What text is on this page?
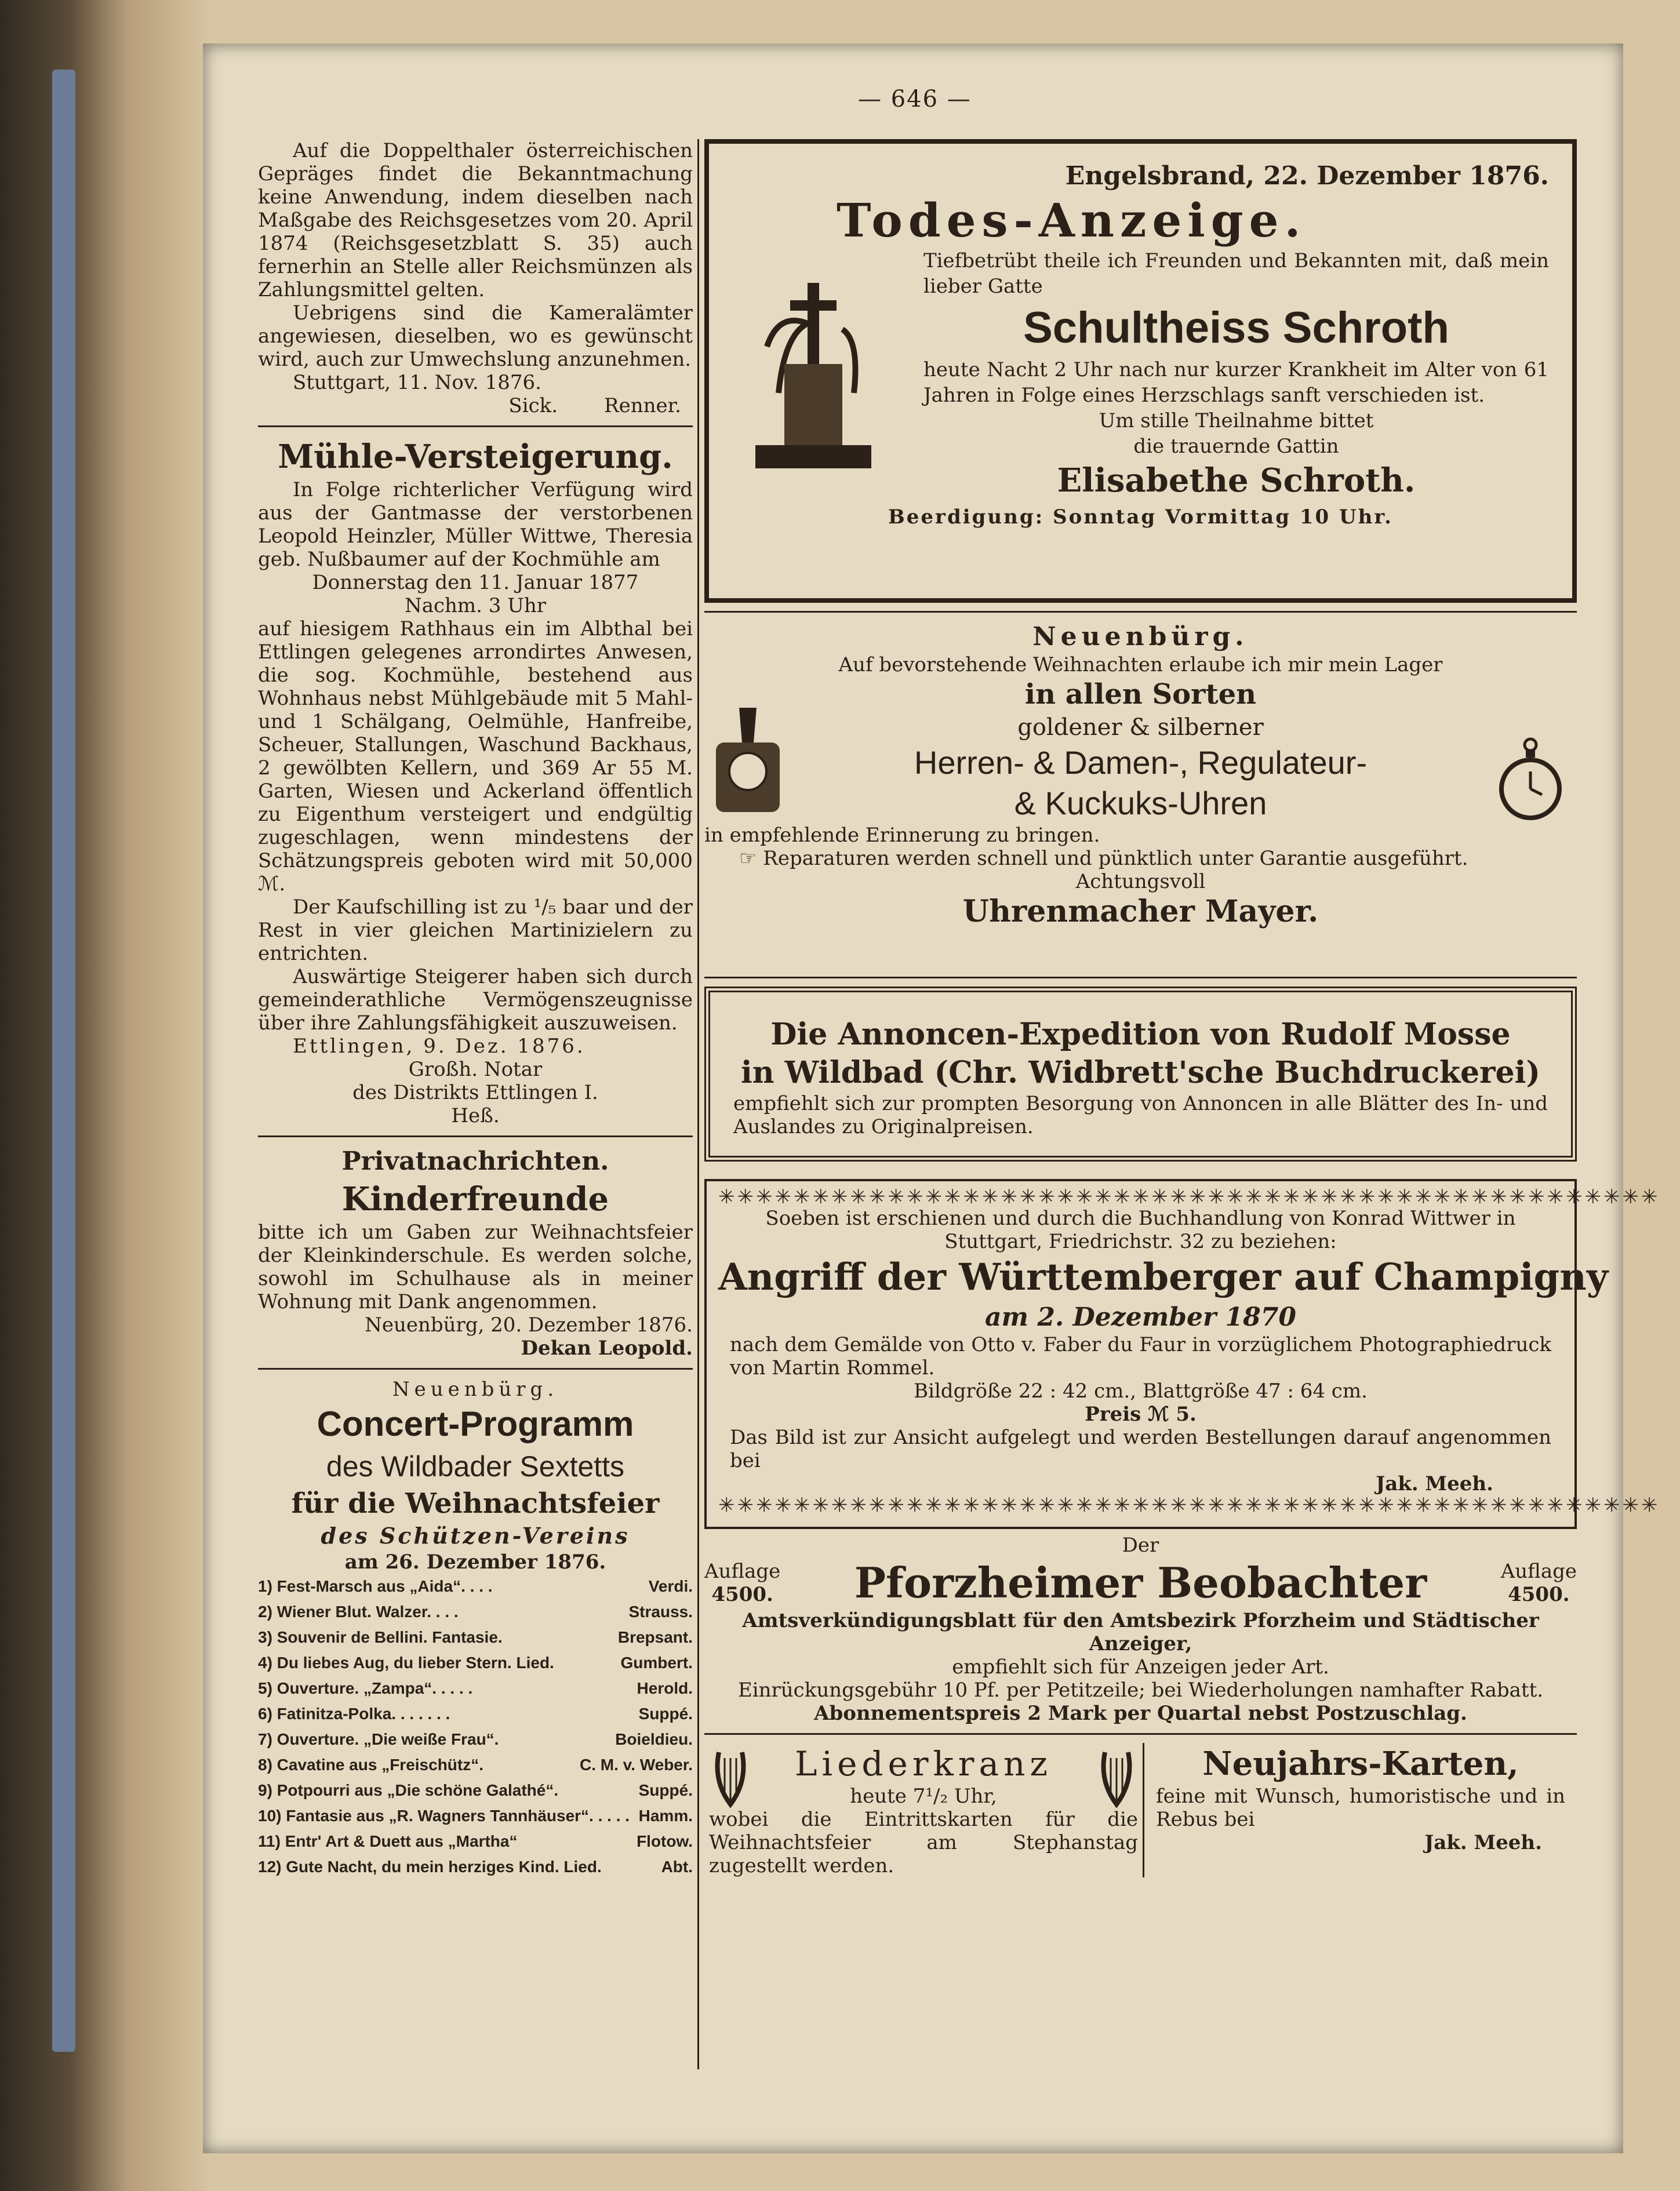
— 646 —

Auf die Doppelthaler österreichischen Gepräges findet die Bekanntmachung keine Anwendung, indem dieselben nach Maßgabe des Reichsgesetzes vom 20. April 1874 (Reichsgesetzblatt S. 35) auch fernerhin an Stelle aller Reichsmünzen als Zahlungsmittel gelten.

Uebrigens sind die Kameralämter angewiesen, dieselben, wo es gewünscht wird, auch zur Umwechslung anzunehmen.

Stuttgart, 11. Nov. 1876.

Sick. Renner.
Mühle-Versteigerung.

In Folge richterlicher Verfügung wird aus der Gantmasse der verstorbenen Leopold Heinzler, Müller Wittwe, Theresia geb. Nußbaumer auf der Kochmühle am

Donnerstag den 11. Januar 1877

Nachm. 3 Uhr

auf hiesigem Rathhaus ein im Albthal bei Ettlingen gelegenes arrondirtes Anwesen, die sog. Kochmühle, bestehend aus Wohnhaus nebst Mühlgebäude mit 5 Mahl- und 1 Schälgang, Oelmühle, Hanfreibe, Scheuer, Stallungen, Waschund Backhaus, 2 gewölbten Kellern, und 369 Ar 55 M. Garten, Wiesen und Ackerland öffentlich zu Eigenthum versteigert und endgültig zugeschlagen, wenn mindestens der Schätzungspreis geboten wird mit 50,000 ℳ.

Der Kaufschilling ist zu ¹/₅ baar und der Rest in vier gleichen Martinizielern zu entrichten.

Auswärtige Steigerer haben sich durch gemeinderathliche Vermögenszeugnisse über ihre Zahlungsfähigkeit auszuweisen.

Ettlingen, 9. Dez. 1876.

Großh. Notar

des Distrikts Ettlingen I.

Heß.

Privatnachrichten.
Kinderfreunde

bitte ich um Gaben zur Weihnachtsfeier der Kleinkinderschule. Es werden solche, sowohl im Schulhause als in meiner Wohnung mit Dank angenommen.

Neuenbürg, 20. Dezember 1876.

Dekan Leopold.

Neuenbürg.
Concert-Programm
des Wildbader Sextetts
für die Weihnachtsfeier
des Schützen-Vereins
am 26. Dezember 1876.
1) Fest-Marsch aus „Aida“. . . .	Verdi.
2) Wiener Blut. Walzer. . . .	Strauss.
3) Souvenir de Bellini. Fantasie.	Brepsant.
4) Du liebes Aug, du lieber Stern. Lied.	Gumbert.
5) Ouverture. „Zampa“. . . . .	Herold.
6) Fatinitza-Polka. . . . . . .	Suppé.
7) Ouverture. „Die weiße Frau“.	Boieldieu.
8) Cavatine aus „Freischütz“.	C. M. v. Weber.
9) Potpourri aus „Die schöne Galathé“.	Suppé.
10) Fantasie aus „R. Wagners Tannhäuser“. . . . . Hamm.
11) Entr' Art & Duett aus „Martha“	Flotow.
12) Gute Nacht, du mein herziges Kind. Lied.	Abt.
Engelsbrand, 22. Dezember 1876.
Todes-Anzeige.

Tiefbetrübt theile ich Freunden und Bekannten mit, daß mein lieber Gatte

Schultheiss Schroth

heute Nacht 2 Uhr nach nur kurzer Krankheit im Alter von 61 Jahren in Folge eines Herzschlags sanft verschieden ist.

Um stille Theilnahme bittet

die trauernde Gattin

Elisabethe Schroth.
Beerdigung: Sonntag Vormittag 10 Uhr.
Neuenbürg.
Auf bevorstehende Weihnachten erlaube ich mir mein Lager
in allen Sorten
goldener & silberner
Herren- & Damen-, Regulateur-
& Kuckuks-Uhren
in empfehlende Erinnerung zu bringen.
☞ Reparaturen werden schnell und pünktlich unter Garantie ausgeführt.
Achtungsvoll
Uhrenmacher Mayer.
Die Annoncen-Expedition von Rudolf Mosse
in Wildbad (Chr. Widbrett'sche Buchdruckerei)

empfiehlt sich zur prompten Besorgung von Annoncen in alle Blätter des In- und Auslandes zu Originalpreisen.

✳✳✳✳✳✳✳✳✳✳✳✳✳✳✳✳✳✳✳✳✳✳✳✳✳✳✳✳✳✳✳✳✳✳✳✳✳✳✳✳✳✳✳✳✳✳✳✳✳✳

Soeben ist erschienen und durch die Buchhandlung von Konrad Wittwer in Stuttgart, Friedrichstr. 32 zu beziehen:

Angriff der Württemberger auf Champigny
am 2. Dezember 1870

nach dem Gemälde von Otto v. Faber du Faur in vorzüglichem Photographiedruck von Martin Rommel.

Bildgröße 22 : 42 cm., Blattgröße 47 : 64 cm.

Preis ℳ 5.

Das Bild ist zur Ansicht aufgelegt und werden Bestellungen darauf angenommen bei

Jak. Meeh.

✳✳✳✳✳✳✳✳✳✳✳✳✳✳✳✳✳✳✳✳✳✳✳✳✳✳✳✳✳✳✳✳✳✳✳✳✳✳✳✳✳✳✳✳✳✳✳✳✳✳
Der
Auflage
4500. Pforzheimer Beobachter	Auflage
4500.
Amtsverkündigungsblatt für den Amtsbezirk Pforzheim und Städtischer Anzeiger,
empfiehlt sich für Anzeigen jeder Art.
Einrückungsgebühr 10 Pf. per Petitzeile; bei Wiederholungen namhafter Rabatt.
Abonnementspreis 2 Mark per Quartal nebst Postzuschlag.
Liederkranz
heute 7¹/₂ Uhr,

wobei die Eintrittskarten für die Weihnachtsfeier am Stephanstag zugestellt werden.

Neujahrs-Karten,

feine mit Wunsch, humoristische und in Rebus bei

Jak. Meeh.
